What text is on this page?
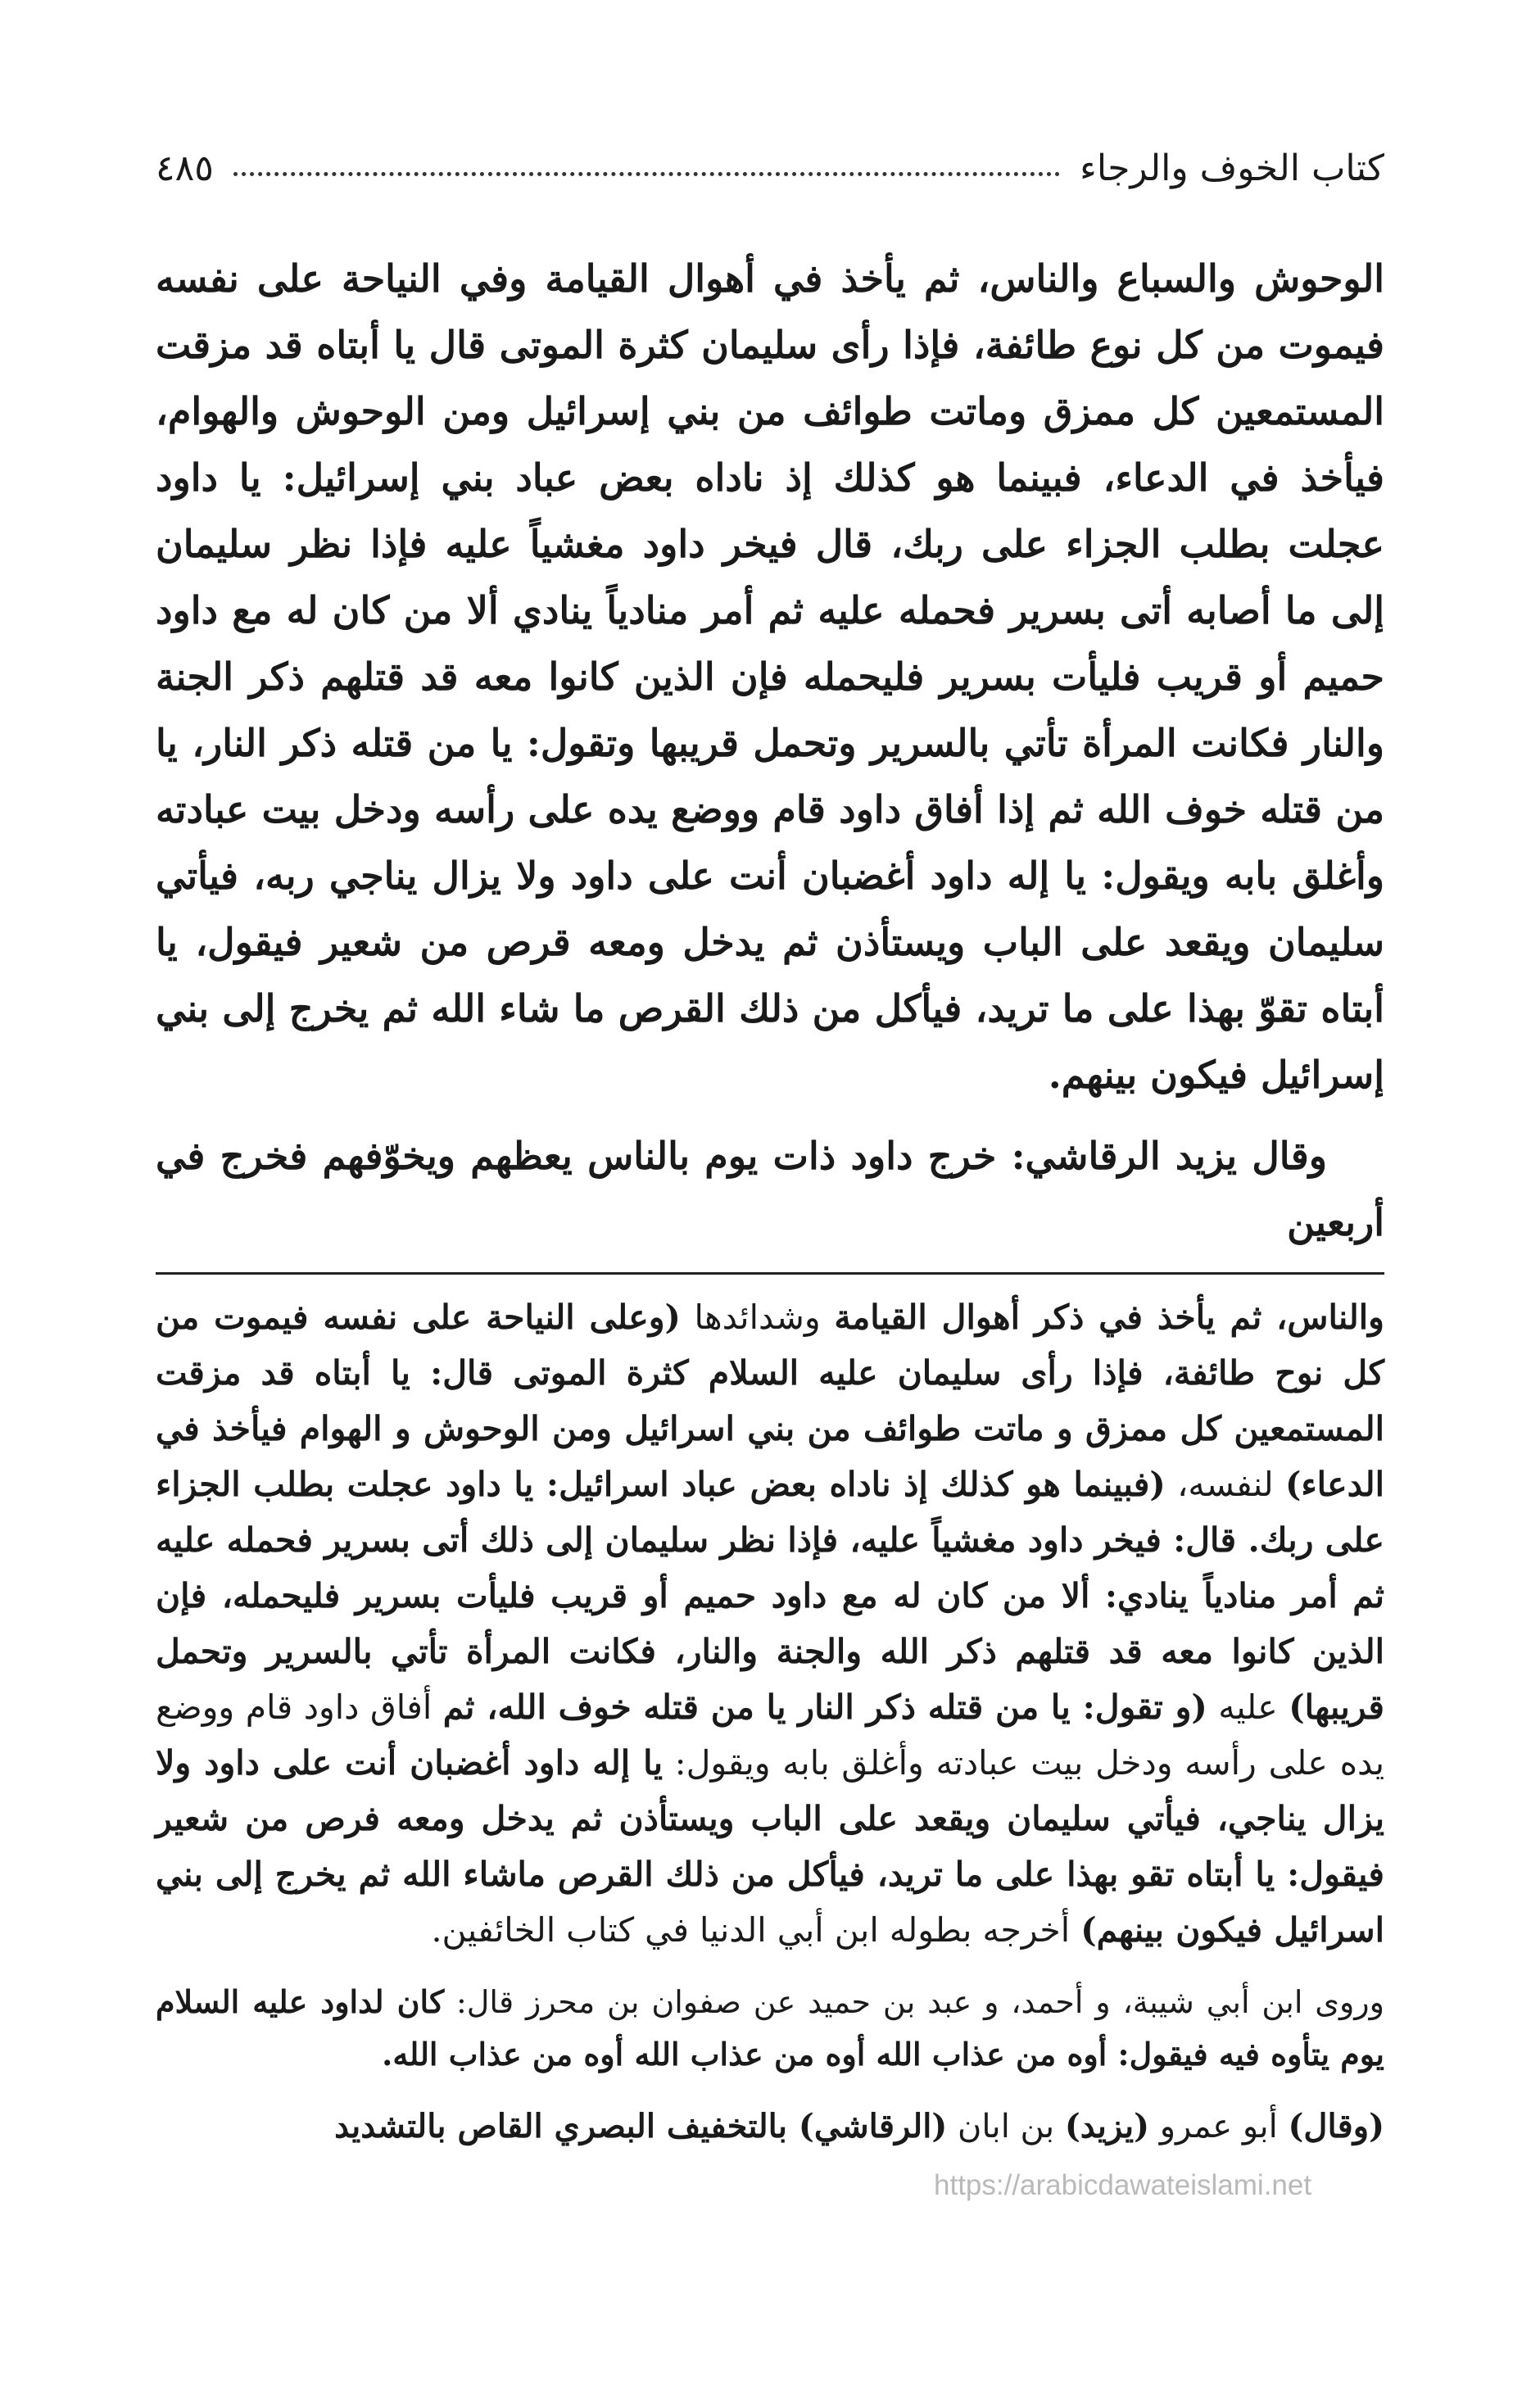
كتاب الخوف والرجاء
٤٨٥

الوحوش والسباع والناس، ثم يأخذ في أهوال القيامة وفي النياحة على نفسه فيموت من كل نوع طائفة، فإذا رأى سليمان كثرة الموتى قال يا أبتاه قد مزقت المستمعين كل ممزق وماتت طوائف من بني إسرائيل ومن الوحوش والهوام، فيأخذ في الدعاء، فبينما هو كذلك إذ ناداه بعض عباد بني إسرائيل: يا داود عجلت بطلب الجزاء على ربك، قال فيخر داود مغشياً عليه فإذا نظر سليمان إلى ما أصابه أتى بسرير فحمله عليه ثم أمر منادياً ينادي ألا من كان له مع داود حميم أو قريب فليأت بسرير فليحمله فإن الذين كانوا معه قد قتلهم ذكر الجنة والنار فكانت المرأة تأتي بالسرير وتحمل قريبها وتقول: يا من قتله ذكر النار، يا من قتله خوف الله ثم إذا أفاق داود قام ووضع يده على رأسه ودخل بيت عبادته وأغلق بابه ويقول: يا إله داود أغضبان أنت على داود ولا يزال يناجي ربه، فيأتي سليمان ويقعد على الباب ويستأذن ثم يدخل ومعه قرص من شعير فيقول، يا أبتاه تقوّ بهذا على ما تريد، فيأكل من ذلك القرص ما شاء الله ثم يخرج إلى بني إسرائيل فيكون بينهم.

وقال يزيد الرقاشي: خرج داود ذات يوم بالناس يعظهم ويخوّفهم فخرج في أربعين

والناس، ثم يأخذ في ذكر أهوال القيامة وشدائدها (وعلى النياحة على نفسه فيموت من كل نوح طائفة، فإذا رأى سليمان عليه السلام كثرة الموتى قال: يا أبتاه قد مزقت المستمعين كل ممزق و ماتت طوائف من بني اسرائيل ومن الوحوش و الهوام فيأخذ في الدعاء) لنفسه، (فبينما هو كذلك إذ ناداه بعض عباد اسرائيل: يا داود عجلت بطلب الجزاء على ربك. قال: فيخر داود مغشياً عليه، فإذا نظر سليمان إلى ذلك أتى بسرير فحمله عليه ثم أمر منادياً ينادي: ألا من كان له مع داود حميم أو قريب فليأت بسرير فليحمله، فإن الذين كانوا معه قد قتلهم ذكر الله والجنة والنار، فكانت المرأة تأتي بالسرير وتحمل قريبها) عليه (و تقول: يا من قتله ذكر النار يا من قتله خوف الله، ثم أفاق داود قام ووضع يده على رأسه ودخل بيت عبادته وأغلق بابه ويقول: يا إله داود أغضبان أنت على داود ولا يزال يناجي، فيأتي سليمان ويقعد على الباب ويستأذن ثم يدخل ومعه فرص من شعير فيقول: يا أبتاه تقو بهذا على ما تريد، فيأكل من ذلك القرص ماشاء الله ثم يخرج إلى بني اسرائيل فيكون بينهم) أخرجه بطوله ابن أبي الدنيا في كتاب الخائفين.

وروى ابن أبي شيبة، و أحمد، و عبد بن حميد عن صفوان بن محرز قال: كان لداود عليه السلام يوم يتأوه فيه فيقول: أوه من عذاب الله أوه من عذاب الله أوه من عذاب الله.

(وقال) أبو عمرو (يزيد) بن ابان (الرقاشي) بالتخفيف البصري القاص بالتشديد

https://arabicdawateislami.net
